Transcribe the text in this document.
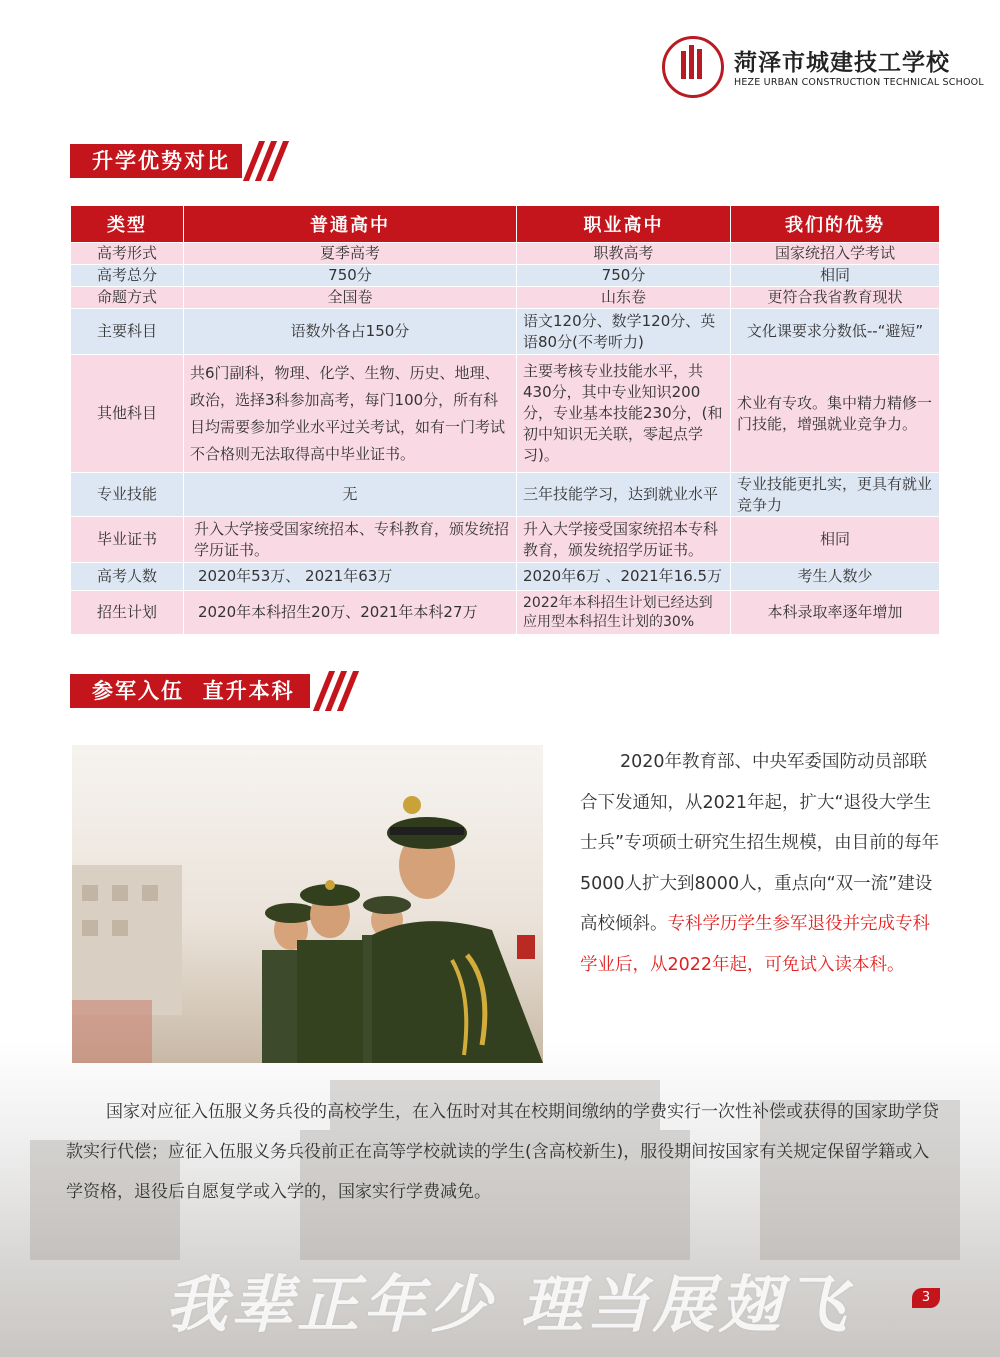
菏泽市城建技工学校
HEZE URBAN CONSTRUCTION TECHNICAL SCHOOL
升学优势对比
类型	普通高中	职业高中	我们的优势
高考形式	夏季高考	职教高考	国家统招入学考试
高考总分	750分	750分	相同
命题方式	全国卷	山东卷	更符合我省教育现状
主要科目	语数外各占150分	语文120分、数学120分、英语80分(不考听力)	文化课要求分数低--“避短”
其他科目	共6门副科，物理、化学、生物、历史、地理、政治，选择3科参加高考，每门100分，所有科目均需要参加学业水平过关考试，如有一门考试不合格则无法取得高中毕业证书。	主要考核专业技能水平，共430分，其中专业知识200分，专业基本技能230分，(和初中知识无关联，零起点学习)。	术业有专攻。集中精力精修一门技能，增强就业竞争力。
专业技能	无	三年技能学习，达到就业水平	专业技能更扎实，更具有就业竞争力
毕业证书	升入大学接受国家统招本、专科教育，颁发统招学历证书。	升入大学接受国家统招本专科教育，颁发统招学历证书。	相同
高考人数	2020年53万、 2021年63万	2020年6万 、2021年16.5万	考生人数少
招生计划	2020年本科招生20万、2021年本科27万	2022年本科招生计划已经达到应用型本科招生计划的30%	本科录取率逐年增加
参军入伍  直升本科
2020年教育部、中央军委国防动员部联合下发通知，从2021年起，扩大“退役大学生士兵”专项硕士研究生招生规模，由目前的每年5000人扩大到8000人，重点向“双一流”建设高校倾斜。专科学历学生参军退役并完成专科学业后，从2022年起，可免试入读本科。
国家对应征入伍服义务兵役的高校学生，在入伍时对其在校期间缴纳的学费实行一次性补偿或获得的国家助学贷款实行代偿；应征入伍服义务兵役前正在高等学校就读的学生(含高校新生)，服役期间按国家有关规定保留学籍或入学资格，退役后自愿复学或入学的，国家实行学费减免。
我辈正年少 理当展翅飞	3
